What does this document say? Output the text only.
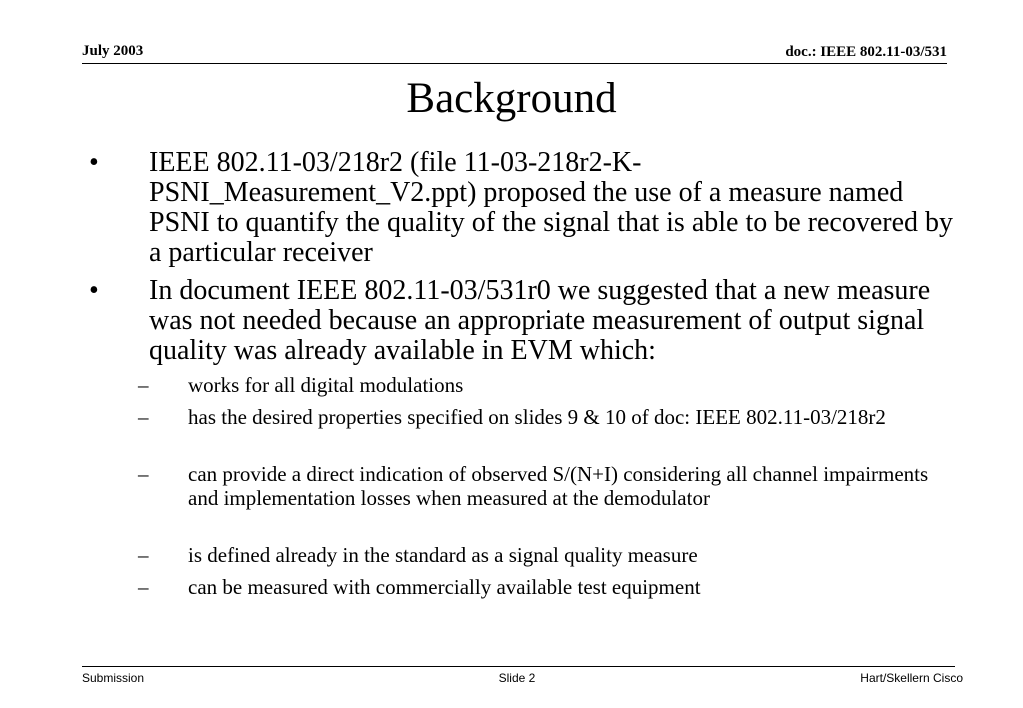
July 2003	doc.: IEEE 802.11-03/531
Background
• IEEE 802.11-03/218r2 (file 11-03-218r2-K-PSNI_Measurement_V2.ppt) proposed the use of a measure named PSNI to quantify the quality of the signal that is able to be recovered by a particular receiver
• In document IEEE 802.11-03/531r0 we suggested that a new measure was not needed because an appropriate measurement of output signal quality was already available in EVM which:
– works for all digital modulations
– has the desired properties specified on slides 9 & 10 of doc: IEEE 802.11-03/218r2
– can provide a direct indication of observed S/(N+I) considering all channel impairments and implementation losses when measured at the demodulator
– is defined already in the standard as a signal quality measure
– can be measured with commercially available test equipment
Submission	Slide 2	Hart/Skellern Cisco
